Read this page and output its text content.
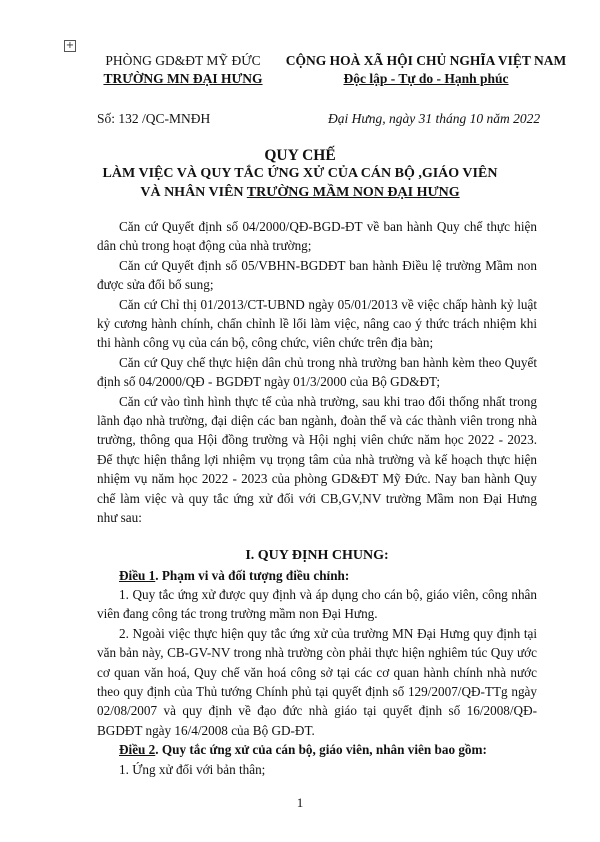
+
PHÒNG GD&ĐT MỸ ĐỨC
TRƯỜNG MN ĐẠI HƯNG
CỘNG HOÀ XÃ HỘI CHỦ NGHĨA VIỆT NAM
Độc lập - Tự do - Hạnh phúc
Số: 132 /QC-MNĐH	Đại Hưng, ngày 31 tháng 10 năm 2022
QUY CHẾ
LÀM VIỆC VÀ QUY TẮC ỨNG XỬ CỦA CÁN BỘ ,GIÁO VIÊN
VÀ NHÂN VIÊN TRƯỜNG MẦM NON ĐẠI HƯNG

Căn cứ Quyết định số 04/2000/QĐ-BGD-ĐT về ban hành Quy chế thực hiện dân chủ trong hoạt động của nhà trường;

Căn cứ Quyết định số 05/VBHN-BGDĐT ban hành Điều lệ trường Mầm non được sửa đổi bổ sung;

Căn cứ Chỉ thị 01/2013/CT-UBND ngày 05/01/2013 về việc chấp hành kỷ luật kỷ cương hành chính, chấn chỉnh lề lối làm việc, nâng cao ý thức trách nhiệm khi thi hành công vụ của cán bộ, công chức, viên chức trên địa bàn;

Căn cứ Quy chế thực hiện dân chủ trong nhà trường ban hành kèm theo Quyết định số 04/2000/QĐ - BGDĐT ngày 01/3/2000 của Bộ GD&ĐT;

Căn cứ vào tình hình thực tế của nhà trường, sau khi trao đổi thống nhất trong lãnh đạo nhà trường, đại diện các ban ngành, đoàn thể và các thành viên trong nhà trường, thông qua Hội đồng trường và Hội nghị viên chức năm học 2022 - 2023. Để thực hiện thắng lợi nhiệm vụ trọng tâm của nhà trường và kế hoạch thực hiện nhiệm vụ năm học 2022 - 2023 của phòng GD&ĐT Mỹ Đức. Nay ban hành Quy chế làm việc và quy tắc ứng xử đối với CB,GV,NV trường Mầm non Đại Hưng như sau:

I. QUY ĐỊNH CHUNG:

Điều 1. Phạm vi và đối tượng điều chỉnh:

1. Quy tắc ứng xử được quy định và áp dụng cho cán bộ, giáo viên, công nhân viên đang công tác trong trường mầm non Đại Hưng.

2. Ngoài việc thực hiện quy tắc ứng xử của trường MN Đại Hưng quy định tại văn bản này, CB-GV-NV trong nhà trường còn phải thực hiện nghiêm túc Quy ước cơ quan văn hoá, Quy chế văn hoá công sở tại các cơ quan hành chính nhà nước theo quy định của Thủ tướng Chính phủ tại quyết định số 129/2007/QĐ-TTg ngày 02/08/2007 và quy định về đạo đức nhà giáo tại quyết định số 16/2008/QĐ-BGDĐT ngày 16/4/2008 của Bộ GD-ĐT.

Điều 2. Quy tắc ứng xử của cán bộ, giáo viên, nhân viên bao gồm:

1. Ứng xử đối với bản thân;

1
